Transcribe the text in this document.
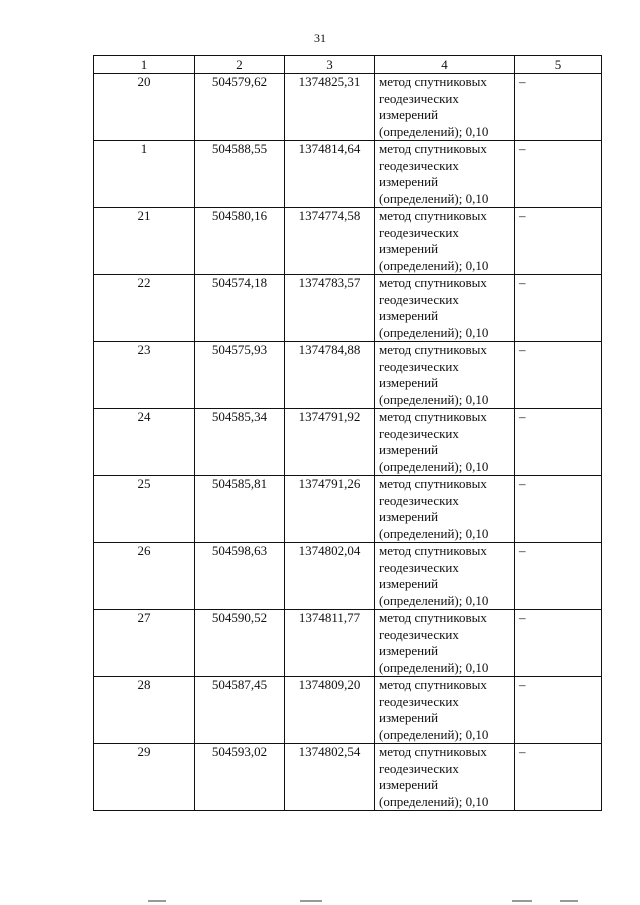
31
1	2	3	4	5
20	504579,62	1374825,31	метод спутниковых
геодезических
измерений
(определений); 0,10	–
1	504588,55	1374814,64	метод спутниковых
геодезических
измерений
(определений); 0,10	–
21	504580,16	1374774,58	метод спутниковых
геодезических
измерений
(определений); 0,10	–
22	504574,18	1374783,57	метод спутниковых
геодезических
измерений
(определений); 0,10	–
23	504575,93	1374784,88	метод спутниковых
геодезических
измерений
(определений); 0,10	–
24	504585,34	1374791,92	метод спутниковых
геодезических
измерений
(определений); 0,10	–
25	504585,81	1374791,26	метод спутниковых
геодезических
измерений
(определений); 0,10	–
26	504598,63	1374802,04	метод спутниковых
геодезических
измерений
(определений); 0,10	–
27	504590,52	1374811,77	метод спутниковых
геодезических
измерений
(определений); 0,10	–
28	504587,45	1374809,20	метод спутниковых
геодезических
измерений
(определений); 0,10	–
29	504593,02	1374802,54	метод спутниковых
геодезических
измерений
(определений); 0,10	–
